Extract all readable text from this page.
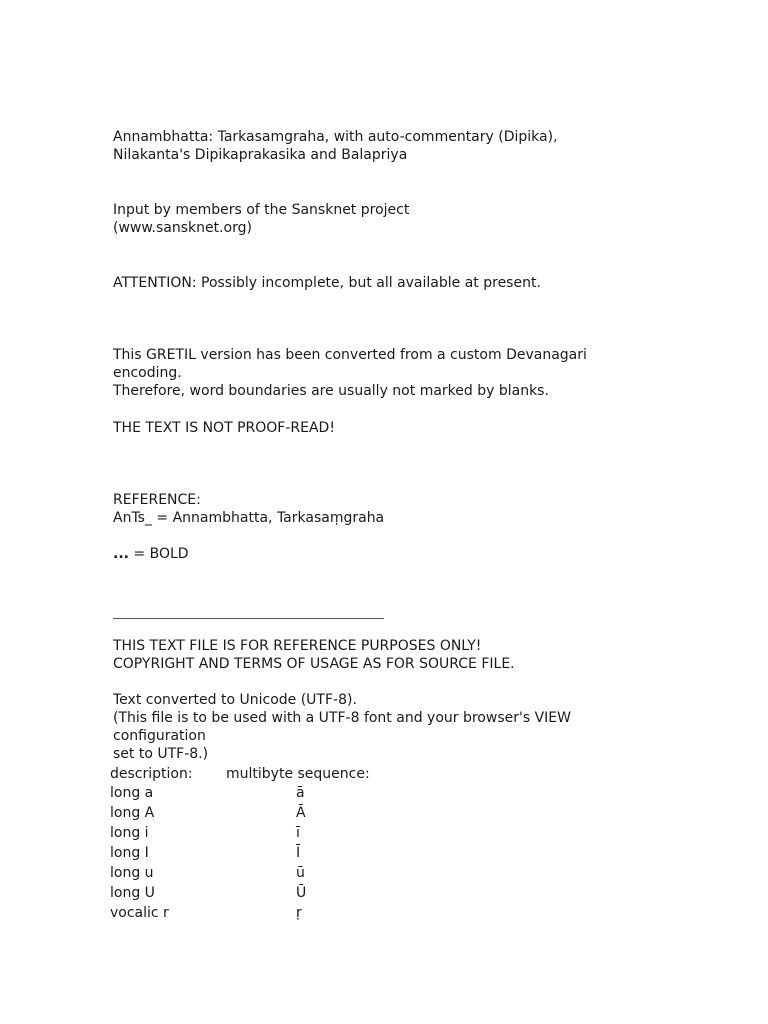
Annambhatta: Tarkasamgraha, with auto-commentary (Dipika),
Nilakanta's Dipikaprakasika and Balapriya
Input by members of the Sansknet project
(www.sansknet.org)
ATTENTION: Possibly incomplete, but all available at present.
This GRETIL version has been converted from a custom Devanagari
encoding.
Therefore, word boundaries are usually not marked by blanks.
THE TEXT IS NOT PROOF-READ!
REFERENCE:
AnTs_ = Annambhatta, Tarkasaṃgraha
... = BOLD
THIS TEXT FILE IS FOR REFERENCE PURPOSES ONLY!
COPYRIGHT AND TERMS OF USAGE AS FOR SOURCE FILE.
Text converted to Unicode (UTF-8).
(This file is to be used with a UTF-8 font and your browser's VIEW
configuration
set to UTF-8.)
description:	multibyte sequence:
long a	ā
long A	Ā
long i	ī
long I	Ī
long u	ū
long U	Ū
vocalic r	ṛ
